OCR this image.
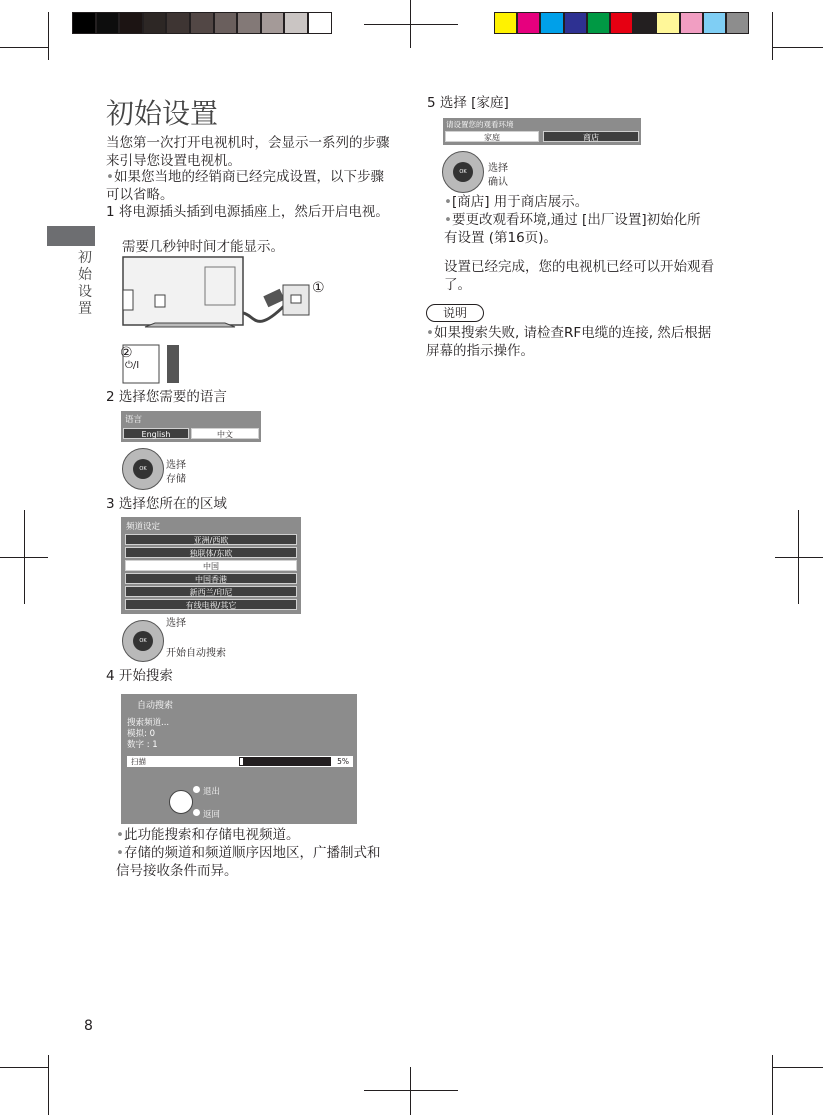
初始设置
初始设置
当您第一次打开电视机时，会显示一系列的步骤来引导您设置电视机。
•如果您当地的经销商已经完成设置，以下步骤可以省略。
1 将电源插头插到电源插座上，然后开启电视。
需要几秒钟时间才能显示。
①
②
⏻/I
2 选择您需要的语言
语言
English	中文
OK	选择
存储
3 选择您所在的区域
频道设定
亚洲/西欧
独联体/东欧
中国
中国香港
新西兰/印尼
有线电视/其它
OK
选择
开始自动搜索
4 开始搜索
自动搜索
搜索频道...
模拟: 0
数字 : 1
扫描	5%
退出
返回
•此功能搜索和存储电视频道。
•存储的频道和频道顺序因地区，广播制式和信号接收条件而异。
8
5 选择 [家庭]
请设置您的观看环境
家庭	商店
OK	选择
确认
•[商店] 用于商店展示。
•要更改观看环境,通过 [出厂设置]初始化所有设置 (第16页)。
设置已经完成，您的电视机已经可以开始观看了。
说明
•如果搜索失败, 请检查RF电缆的连接, 然后根据屏幕的指示操作。
